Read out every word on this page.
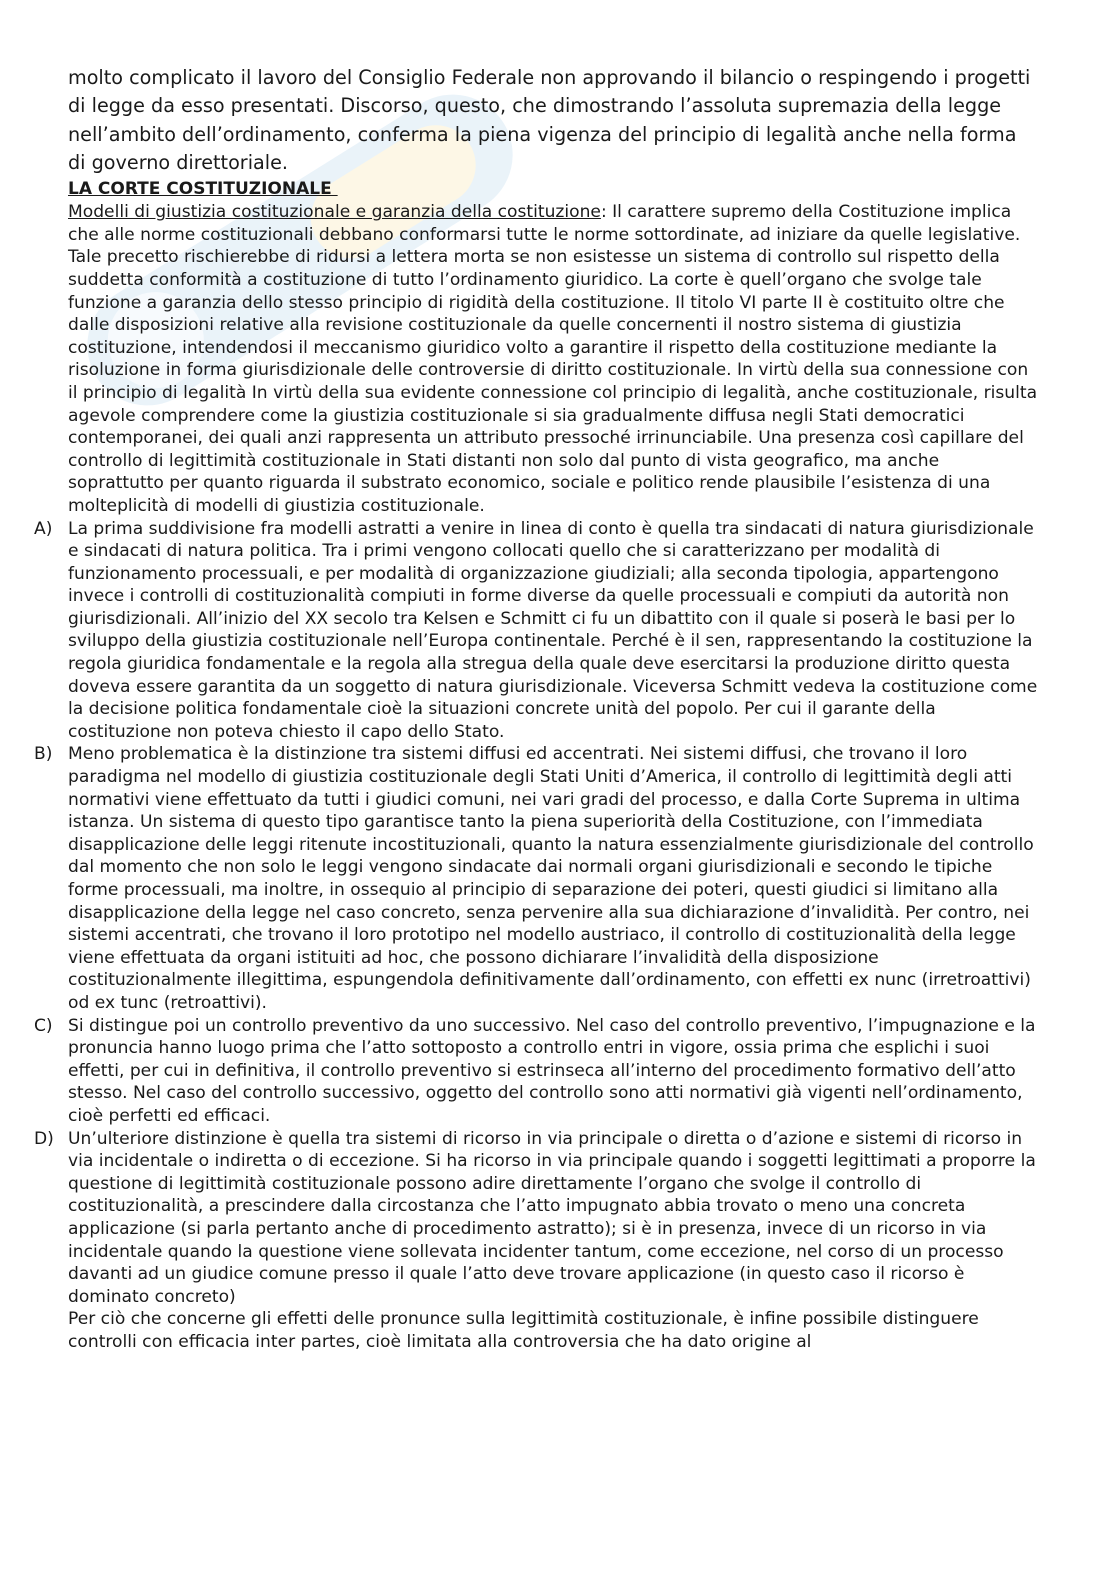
molto complicato il lavoro del Consiglio Federale non approvando il bilancio o respingendo i progetti di legge da esso presentati. Discorso, questo, che dimostrando l’assoluta supremazia della legge nell’ambito dell’ordinamento, conferma la piena vigenza del principio di legalità anche nella forma di governo direttoriale.

LA CORTE COSTITUZIONALE

Modelli di giustizia costituzionale e garanzia della costituzione: Il carattere supremo della Costituzione implica che alle norme costituzionali debbano conformarsi tutte le norme sottordinate, ad iniziare da quelle legislative. Tale precetto rischierebbe di ridursi a lettera morta se non esistesse un sistema di controllo sul rispetto della suddetta conformità a costituzione di tutto l’ordinamento giuridico. La corte è quell’organo che svolge tale funzione a garanzia dello stesso principio di rigidità della costituzione. Il titolo VI parte II è costituito oltre che dalle disposizioni relative alla revisione costituzionale da quelle concernenti il nostro sistema di giustizia costituzione, intendendosi il meccanismo giuridico volto a garantire il rispetto della costituzione mediante la risoluzione in forma giurisdizionale delle controversie di diritto costituzionale. In virtù della sua connessione con il principio di legalità In virtù della sua evidente connessione col principio di legalità, anche costituzionale, risulta agevole comprendere come la giustizia costituzionale si sia gradualmente diffusa negli Stati democratici contemporanei, dei quali anzi rappresenta un attributo pressoché irrinunciabile. Una presenza così capillare del controllo di legittimità costituzionale in Stati distanti non solo dal punto di vista geografico, ma anche soprattutto per quanto riguarda il substrato economico, sociale e politico rende plausibile l’esistenza di una molteplicità di modelli di giustizia costituzionale.

A) La prima suddivisione fra modelli astratti a venire in linea di conto è quella tra sindacati di natura giurisdizionale e sindacati di natura politica. Tra i primi vengono collocati quello che si caratterizzano per modalità di funzionamento processuali, e per modalità di organizzazione giudiziali; alla seconda tipologia, appartengono invece i controlli di costituzionalità compiuti in forme diverse da quelle processuali e compiuti da autorità non giurisdizionali. All’inizio del XX secolo tra Kelsen e Schmitt ci fu un dibattito con il quale si poserà le basi per lo sviluppo della giustizia costituzionale nell’Europa continentale. Perché è il sen, rappresentando la costituzione la regola giuridica fondamentale e la regola alla stregua della quale deve esercitarsi la produzione diritto questa doveva essere garantita da un soggetto di natura giurisdizionale. Viceversa Schmitt vedeva la costituzione come la decisione politica fondamentale cioè la situazioni concrete unità del popolo. Per cui il garante della costituzione non poteva chiesto il capo dello Stato.

B) Meno problematica è la distinzione tra sistemi diffusi ed accentrati. Nei sistemi diffusi, che trovano il loro paradigma nel modello di giustizia costituzionale degli Stati Uniti d’America, il controllo di legittimità degli atti normativi viene effettuato da tutti i giudici comuni, nei vari gradi del processo, e dalla Corte Suprema in ultima istanza. Un sistema di questo tipo garantisce tanto la piena superiorità della Costituzione, con l’immediata disapplicazione delle leggi ritenute incostituzionali, quanto la natura essenzialmente giurisdizionale del controllo dal momento che non solo le leggi vengono sindacate dai normali organi giurisdizionali e secondo le tipiche forme processuali, ma inoltre, in ossequio al principio di separazione dei poteri, questi giudici si limitano alla disapplicazione della legge nel caso concreto, senza pervenire alla sua dichiarazione d’invalidità. Per contro, nei sistemi accentrati, che trovano il loro prototipo nel modello austriaco, il controllo di costituzionalità della legge viene effettuata da organi istituiti ad hoc, che possono dichiarare l’invalidità della disposizione costituzionalmente illegittima, espungendola definitivamente dall’ordinamento, con effetti ex nunc (irretroattivi) od ex tunc (retroattivi).

C) Si distingue poi un controllo preventivo da uno successivo. Nel caso del controllo preventivo, l’impugnazione e la pronuncia hanno luogo prima che l’atto sottoposto a controllo entri in vigore, ossia prima che esplichi i suoi effetti, per cui in definitiva, il controllo preventivo si estrinseca all’interno del procedimento formativo dell’atto stesso. Nel caso del controllo successivo, oggetto del controllo sono atti normativi già vigenti nell’ordinamento, cioè perfetti ed efficaci.

D) Un’ulteriore distinzione è quella tra sistemi di ricorso in via principale o diretta o d’azione e sistemi di ricorso in via incidentale o indiretta o di eccezione. Si ha ricorso in via principale quando i soggetti legittimati a proporre la questione di legittimità costituzionale possono adire direttamente l’organo che svolge il controllo di costituzionalità, a prescindere dalla circostanza che l’atto impugnato abbia trovato o meno una concreta applicazione (si parla pertanto anche di procedimento astratto); si è in presenza, invece di un ricorso in via incidentale quando la questione viene sollevata incidenter tantum, come eccezione, nel corso di un processo davanti ad un giudice comune presso il quale l’atto deve trovare applicazione (in questo caso il ricorso è dominato concreto)

Per ciò che concerne gli effetti delle pronunce sulla legittimità costituzionale, è infine possibile distinguere controlli con efficacia inter partes, cioè limitata alla controversia che ha dato origine al
